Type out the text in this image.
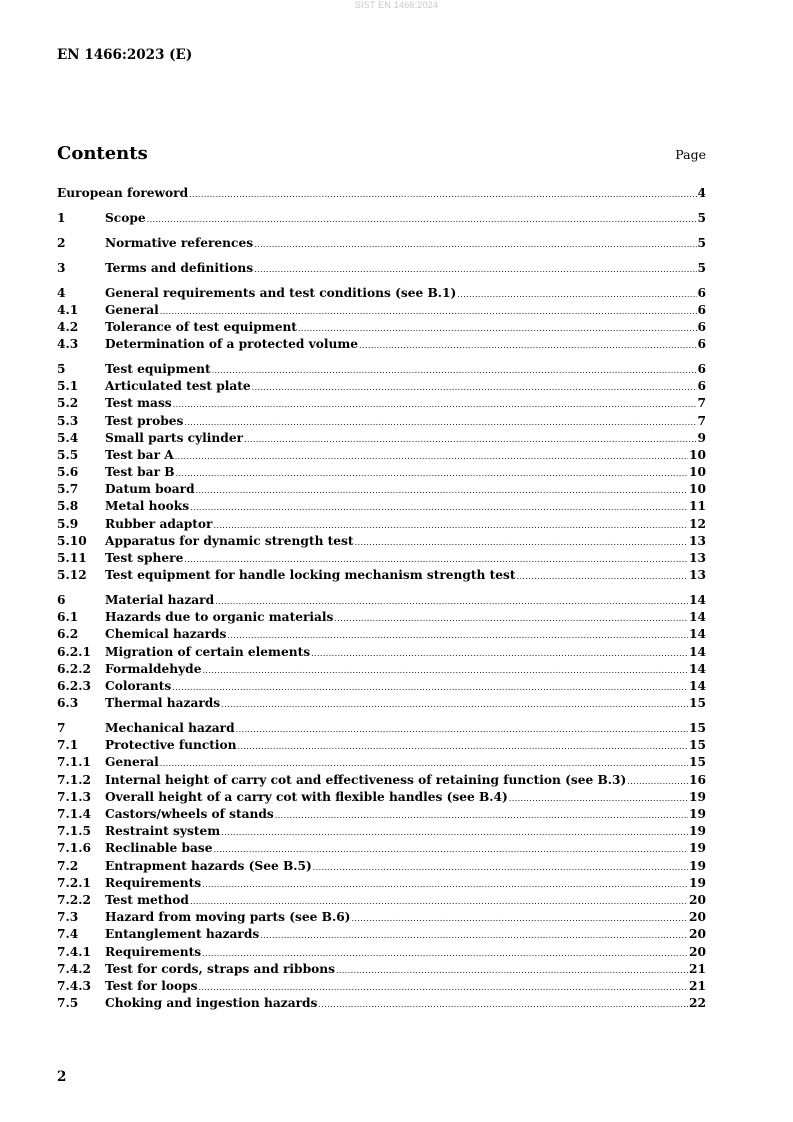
SIST EN 1466:2024
EN 1466:2023 (E)
Contents	Page
European foreword .....	4
1	Scope .....	5
2	Normative references .....	5
3	Terms and definitions .....	5
4	General requirements and test conditions (see B.1) .....	6
4.1	General .....	6
4.2	Tolerance of test equipment .....	6
4.3	Determination of a protected volume .....	6
5	Test equipment .....	6
5.1	Articulated test plate .....	6
5.2	Test mass .....	7
5.3	Test probes .....	7
5.4	Small parts cylinder .....	9
5.5	Test bar A .....	10
5.6	Test bar B .....	10
5.7	Datum board .....	10
5.8	Metal hooks .....	11
5.9	Rubber adaptor .....	12
5.10	Apparatus for dynamic strength test .....	13
5.11	Test sphere .....	13
5.12	Test equipment for handle locking mechanism strength test .....	13
6	Material hazard .....	14
6.1	Hazards due to organic materials .....	14
6.2	Chemical hazards .....	14
6.2.1	Migration of certain elements .....	14
6.2.2	Formaldehyde .....	14
6.2.3	Colorants .....	14
6.3	Thermal hazards .....	15
7	Mechanical hazard .....	15
7.1	Protective function .....	15
7.1.1	General .....	15
7.1.2	Internal height of carry cot and effectiveness of retaining function (see B.3) .....	16
7.1.3	Overall height of a carry cot with flexible handles (see B.4) .....	19
7.1.4	Castors/wheels of stands .....	19
7.1.5	Restraint system .....	19
7.1.6	Reclinable base .....	19
7.2	Entrapment hazards (See B.5) .....	19
7.2.1	Requirements .....	19
7.2.2	Test method .....	20
7.3	Hazard from moving parts (see B.6) .....	20
7.4	Entanglement hazards .....	20
7.4.1	Requirements .....	20
7.4.2	Test for cords, straps and ribbons .....	21
7.4.3	Test for loops .....	21
7.5	Choking and ingestion hazards .....	22
2
